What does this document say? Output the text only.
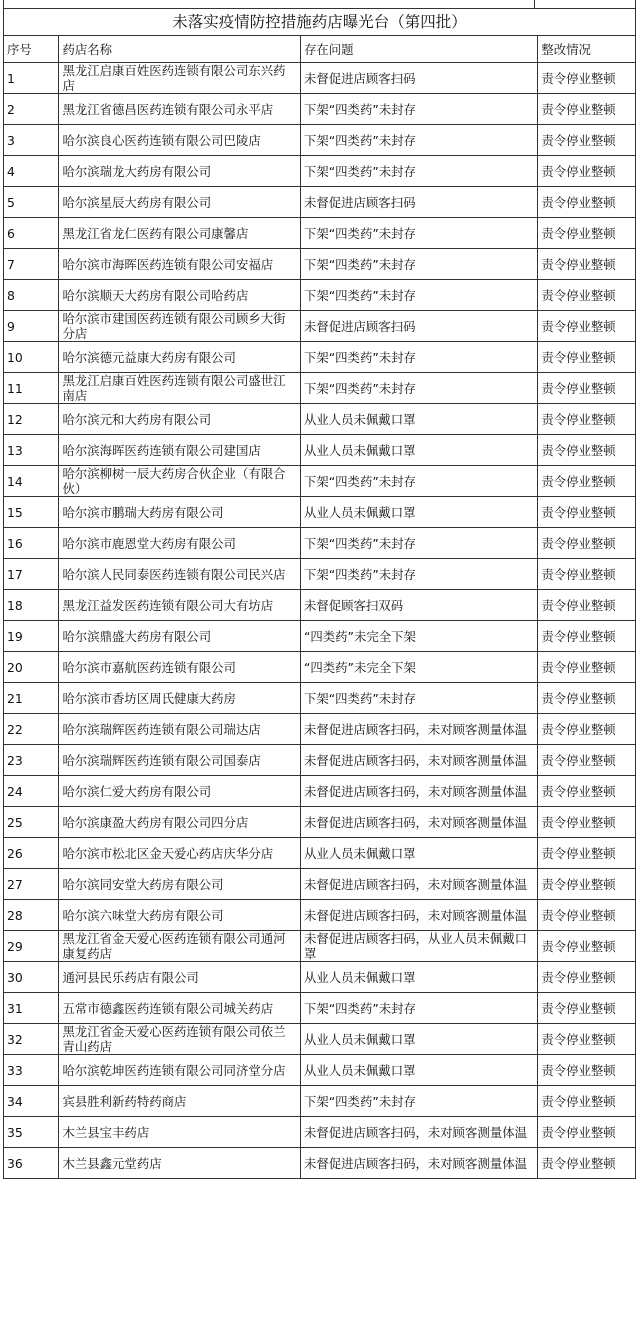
未落实疫情防控措施药店曝光台（第四批）			
序号	药店名称	存在问题	整改情况
1	黑龙江启康百姓医药连锁有限公司东兴药店	未督促进店顾客扫码	责令停业整顿
2	黑龙江省德昌医药连锁有限公司永平店	下架“四类药”未封存	责令停业整顿
3	哈尔滨良心医药连锁有限公司巴陵店	下架“四类药”未封存	责令停业整顿
4	哈尔滨瑞龙大药房有限公司	下架“四类药”未封存	责令停业整顿
5	哈尔滨星辰大药房有限公司	未督促进店顾客扫码	责令停业整顿
6	黑龙江省龙仁医药有限公司康馨店	下架“四类药”未封存	责令停业整顿
7	哈尔滨市海晖医药连锁有限公司安福店	下架“四类药”未封存	责令停业整顿
8	哈尔滨顺天大药房有限公司哈药店	下架“四类药”未封存	责令停业整顿
9	哈尔滨市建国医药连锁有限公司顾乡大街分店	未督促进店顾客扫码	责令停业整顿
10	哈尔滨德元益康大药房有限公司	下架“四类药”未封存	责令停业整顿
11	黑龙江启康百姓医药连锁有限公司盛世江南店	下架“四类药”未封存	责令停业整顿
12	哈尔滨元和大药房有限公司	从业人员未佩戴口罩	责令停业整顿
13	哈尔滨海晖医药连锁有限公司建国店	从业人员未佩戴口罩	责令停业整顿
14	哈尔滨柳树一辰大药房合伙企业（有限合伙）	下架“四类药”未封存	责令停业整顿
15	哈尔滨市鹏瑞大药房有限公司	从业人员未佩戴口罩	责令停业整顿
16	哈尔滨市鹿恩堂大药房有限公司	下架“四类药”未封存	责令停业整顿
17	哈尔滨人民同泰医药连锁有限公司民兴店	下架“四类药”未封存	责令停业整顿
18	黑龙江益发医药连锁有限公司大有坊店	未督促顾客扫双码	责令停业整顿
19	哈尔滨鼎盛大药房有限公司	“四类药”未完全下架	责令停业整顿
20	哈尔滨市嘉航医药连锁有限公司	“四类药”未完全下架	责令停业整顿
21	哈尔滨市香坊区周氏健康大药房	下架“四类药”未封存	责令停业整顿
22	哈尔滨瑞辉医药连锁有限公司瑞达店	未督促进店顾客扫码，未对顾客测量体温	责令停业整顿
23	哈尔滨瑞辉医药连锁有限公司国泰店	未督促进店顾客扫码，未对顾客测量体温	责令停业整顿
24	哈尔滨仁爱大药房有限公司	未督促进店顾客扫码，未对顾客测量体温	责令停业整顿
25	哈尔滨康盈大药房有限公司四分店	未督促进店顾客扫码，未对顾客测量体温	责令停业整顿
26	哈尔滨市松北区金天爱心药店庆华分店	从业人员未佩戴口罩	责令停业整顿
27	哈尔滨同安堂大药房有限公司	未督促进店顾客扫码，未对顾客测量体温	责令停业整顿
28	哈尔滨六味堂大药房有限公司	未督促进店顾客扫码，未对顾客测量体温	责令停业整顿
29	黑龙江省金天爱心医药连锁有限公司通河康复药店	未督促进店顾客扫码，从业人员未佩戴口罩	责令停业整顿
30	通河县民乐药店有限公司	从业人员未佩戴口罩	责令停业整顿
31	五常市德鑫医药连锁有限公司城关药店	下架“四类药”未封存	责令停业整顿
32	黑龙江省金天爱心医药连锁有限公司依兰青山药店	从业人员未佩戴口罩	责令停业整顿
33	哈尔滨乾坤医药连锁有限公司同济堂分店	从业人员未佩戴口罩	责令停业整顿
34	宾县胜利新药特药商店	下架“四类药”未封存	责令停业整顿
35	木兰县宝丰药店	未督促进店顾客扫码，未对顾客测量体温	责令停业整顿
36	木兰县鑫元堂药店	未督促进店顾客扫码，未对顾客测量体温	责令停业整顿
